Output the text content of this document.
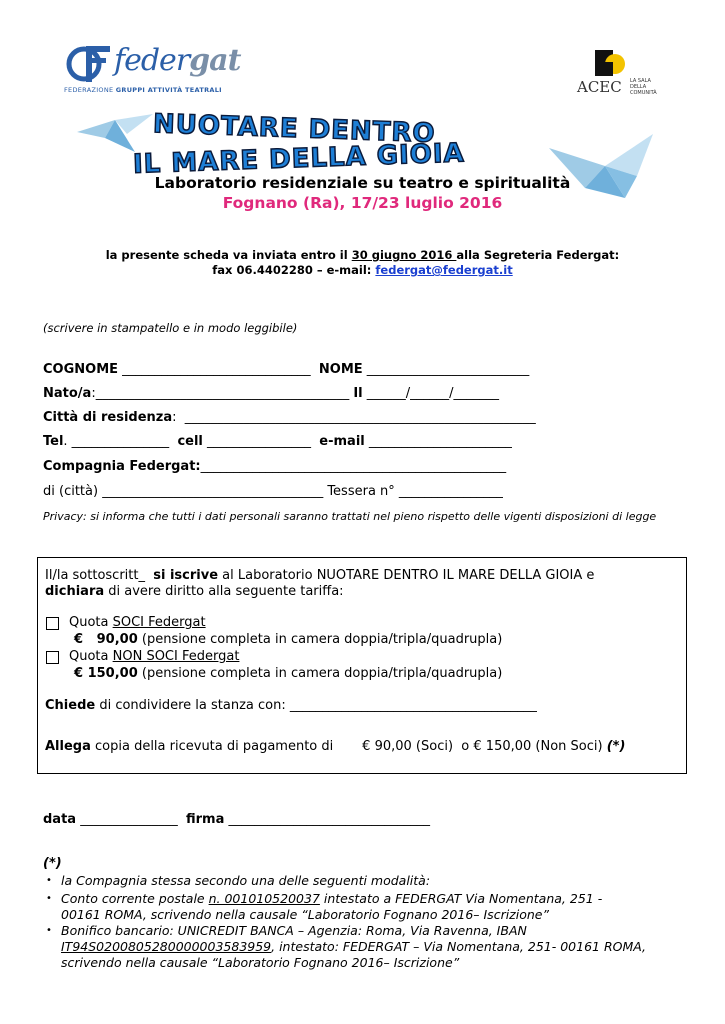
federgat
FEDERAZIONE GRUPPI ATTIVITÀ TEATRALI	ACEC LA SALA DELLA COMUNITÀ
NUOTARE DENTRO
IL MARE DELLA GIOIA
Laboratorio residenziale su teatro e spiritualità
Fognano (Ra), 17/23 luglio 2016
la presente scheda va inviata entro il 30 giugno 2016 alla Segreteria Federgat:
fax 06.4402280 – e-mail: federgat@federgat.it
(scrivere in stampatello e in modo leggibile)
COGNOME _____________________________  NOME _________________________
Nato/a:_______________________________________ Il ______/______/_______
Città di residenza:  ______________________________________________________
Tel. _______________  cell ________________  e-mail ______________________
Compagnia Federgat:_______________________________________________
di (città) __________________________________ Tessera n° ________________
Privacy: si informa che tutti i dati personali saranno trattati nel pieno rispetto delle vigenti disposizioni di legge
Il/la sottoscritt_  si iscrive al Laboratorio NUOTARE DENTRO IL MARE DELLA GIOIA e
dichiara di avere diritto alla seguente tariffa:
Quota SOCI Federgat
€   90,00 (pensione completa in camera doppia/tripla/quadrupla)
Quota NON SOCI Federgat
€ 150,00 (pensione completa in camera doppia/tripla/quadrupla)
Chiede di condividere la stanza con: ______________________________________
Allega copia della ricevuta di pagamento di       € 90,00 (Soci)  o € 150,00 (Non Soci) (*)
data _______________  firma _______________________________
(*)
• la Compagnia stessa secondo una delle seguenti modalità:
• Conto corrente postale n. 001010520037 intestato a FEDERGAT Via Nomentana, 251 -
00161 ROMA, scrivendo nella causale “Laboratorio Fognano 2016– Iscrizione”
• Bonifico bancario: UNICREDIT BANCA – Agenzia: Roma, Via Ravenna, IBAN
IT94S0200805280000003583959, intestato: FEDERGAT – Via Nomentana, 251- 00161 ROMA,
scrivendo nella causale “Laboratorio Fognano 2016– Iscrizione”
